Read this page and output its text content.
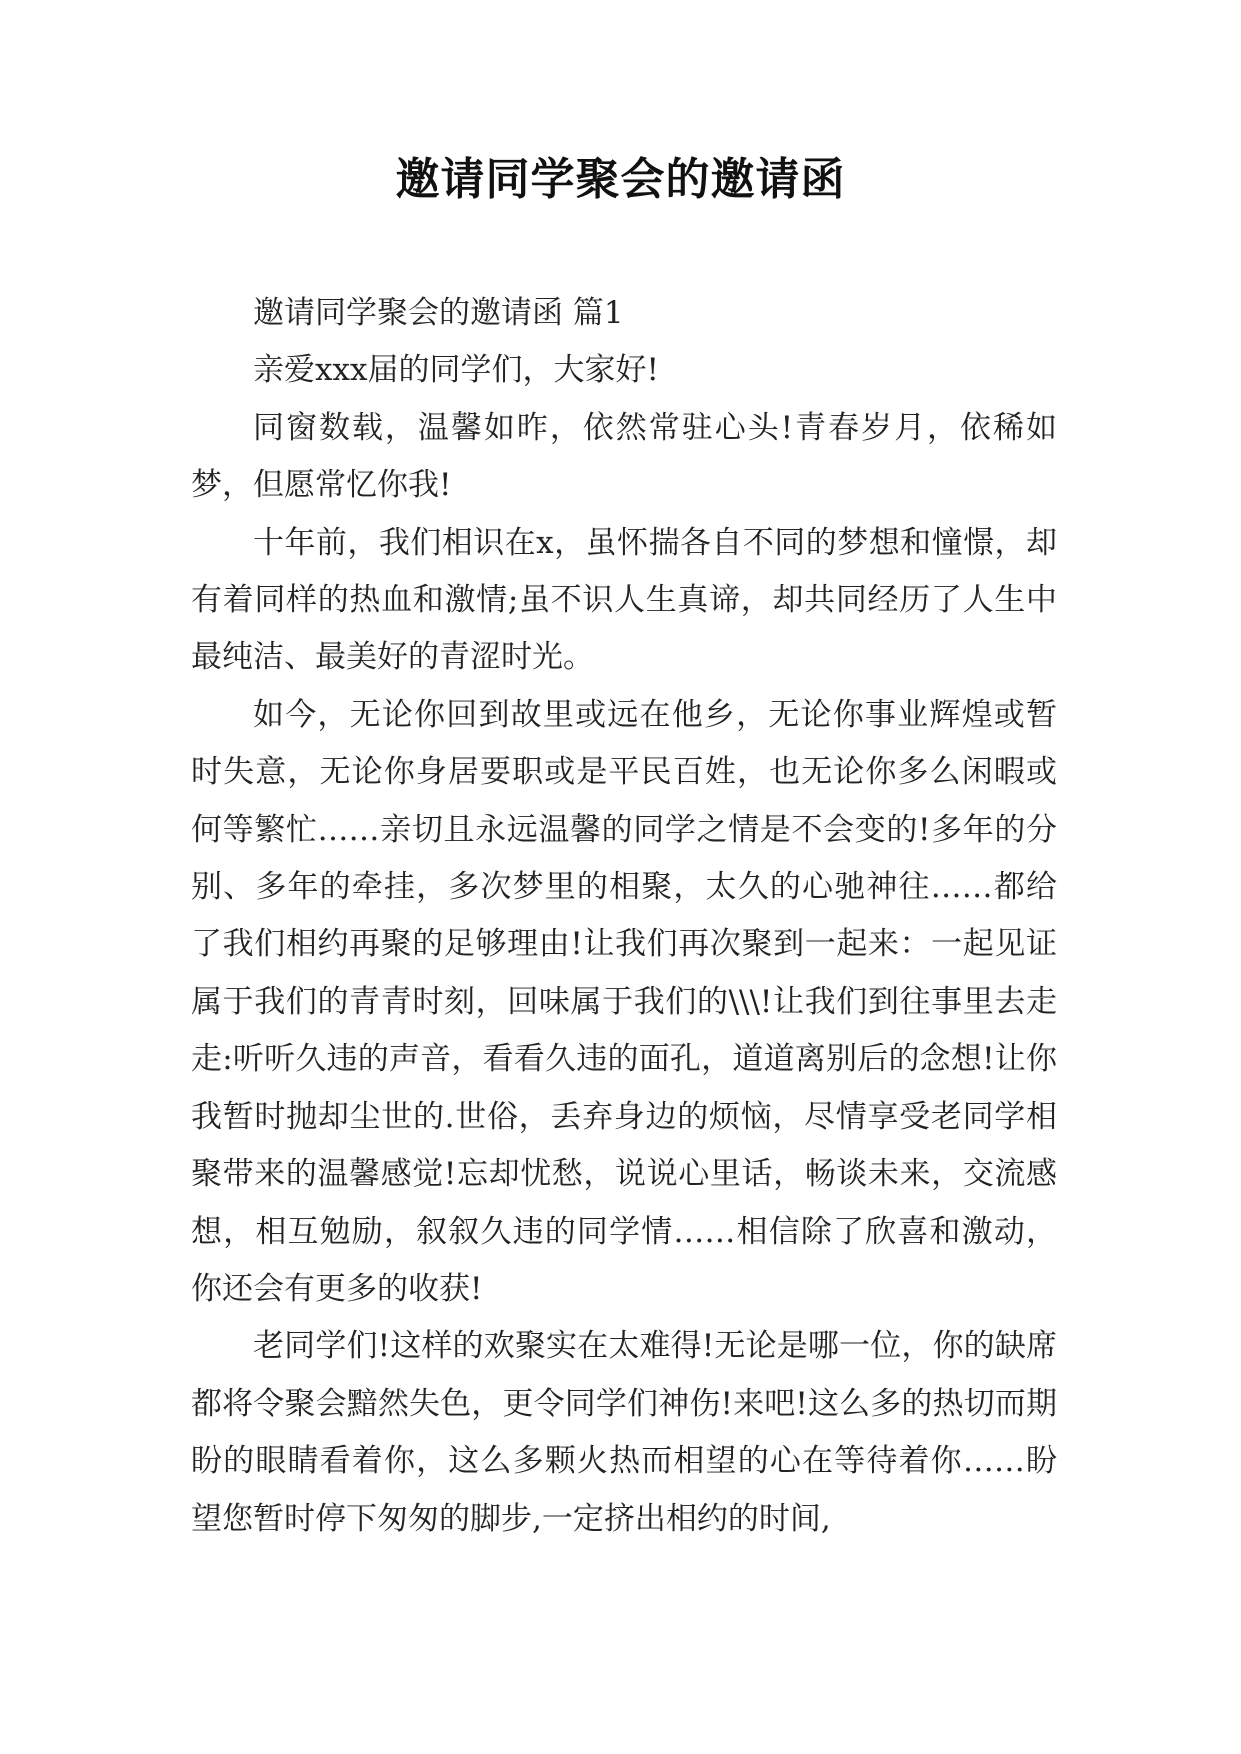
邀请同学聚会的邀请函

邀请同学聚会的邀请函 篇1

亲爱xxx届的同学们，大家好!

同窗数载，温馨如昨，依然常驻心头!青春岁月，依稀如梦，但愿常忆你我!

十年前，我们相识在x，虽怀揣各自不同的梦想和憧憬，却有着同样的热血和激情;虽不识人生真谛，却共同经历了人生中最纯洁、最美好的青涩时光。

如今，无论你回到故里或远在他乡，无论你事业辉煌或暂时失意，无论你身居要职或是平民百姓，也无论你多么闲暇或何等繁忙……亲切且永远温馨的同学之情是不会变的!多年的分别、多年的牵挂，多次梦里的相聚，太久的心驰神往……都给了我们相约再聚的足够理由!让我们再次聚到一起来：一起见证属于我们的青青时刻，回味属于我们的\\\!让我们到往事里去走走:听听久违的声音，看看久违的面孔，道道离别后的念想!让你我暂时抛却尘世的.世俗，丢弃身边的烦恼，尽情享受老同学相聚带来的温馨感觉!忘却忧愁，说说心里话，畅谈未来，交流感想，相互勉励，叙叙久违的同学情……相信除了欣喜和激动，你还会有更多的收获!

老同学们!这样的欢聚实在太难得!无论是哪一位，你的缺席都将令聚会黯然失色，更令同学们神伤!来吧!这么多的热切而期盼的眼睛看着你，这么多颗火热而相望的心在等待着你……盼望您暂时停下匆匆的脚步,一定挤出相约的时间,
